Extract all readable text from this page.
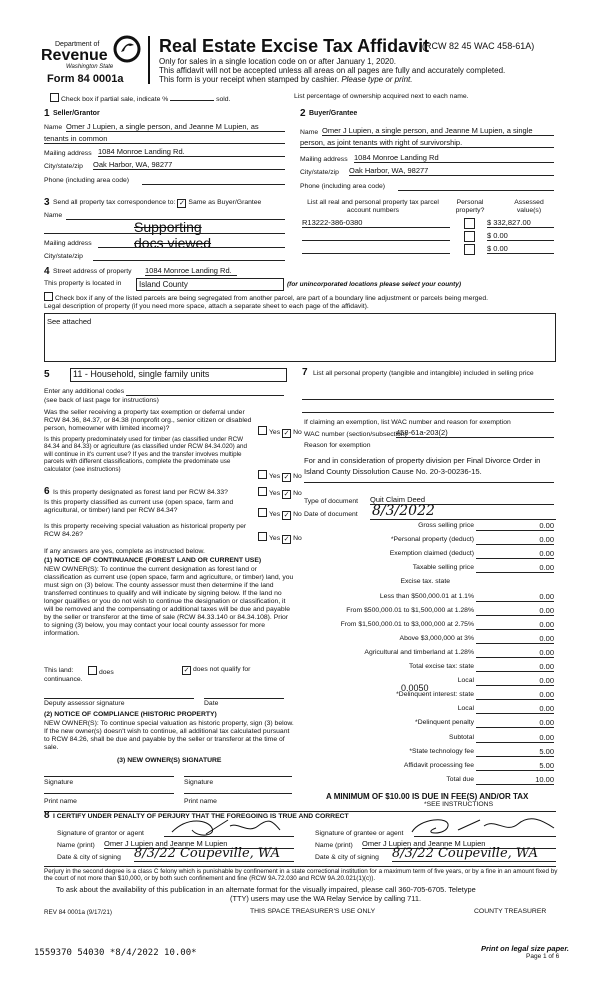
Department of
Revenue
Washington State
Form 84 0001a
Real Estate Excise Tax Affidavit
(RCW 82 45 WAC 458-61A)
Only for sales in a single location code on or after January 1, 2020.
This affidavit will not be accepted unless all areas on all pages are fully and accurately completed.
This form is your receipt when stamped by cashier. Please type or print.
Check box if partial sale, indicate %	sold.	List percentage of ownership acquired next to each name.
1 Seller/Grantor
Name Omer J Lupien, a single person, and Jeanne M Lupien, as
tenants in common
Mailing address 1084 Monroe Landing Rd.
City/state/zip Oak Harbor, WA, 98277
Phone (including area code)
2 Buyer/Grantee
Name Omer J Lupien, a single person, and Jeanne M Lupien, a single
person, as joint tenants with right of survivorship.
Mailing address 1084 Monroe Landing Rd
City/state/zip Oak Harbor, WA, 98277
Phone (including area code)
3 Send all property tax correspondence to: ✓ Same as Buyer/Grantee
Name
Supporting
docs viewed
Mailing address
City/state/zip
List all real and personal property tax parcel account numbers
Personal property?
Assessed value(s)
R13222-386-0380	$ 332,827.00
$ 0.00
$ 0.00
4 Street address of property 1084 Monroe Landing Rd.
This property is located in	Island County	(for unincorporated locations please select your county)
Check box if any of the listed parcels are being segregated from another parcel, are part of a boundary line adjustment or parcels being merged.
Legal description of property (if you need more space, attach a separate sheet to each page of the affidavit).
See attached
5	11 - Household, single family units
Enter any additional codes
(see back of last page for instructions)
Was the seller receiving a property tax exemption or deferral under RCW 84.36, 84.37, or 84.38 (nonprofit org., senior citizen or disabled person, homeowner with limited income)?
Yes ✓ No
Is this property predominately used for timber (as classified under RCW 84.34 and 84.33) or agriculture (as classified under RCW 84.34.020) and will continue in it's current use? If yes and the transfer involves multiple parcels with different classifications, complete the predominate use calculator (see instructions)
Yes ✓ No
6 Is this property designated as forest land per RCW 84.33?	Yes ✓ No
Is this property classified as current use (open space, farm and agricultural, or timber) land per RCW 84.34?
Yes ✓ No
Is this property receiving special valuation as historical property per RCW 84.26?
Yes ✓ No
If any answers are yes, complete as instructed below.
(1) NOTICE OF CONTINUANCE (FOREST LAND OR CURRENT USE)
NEW OWNER(S): To continue the current designation as forest land or classification as current use (open space, farm and agriculture, or timber) land, you must sign on (3) below. The county assessor must then determine if the land transferred continues to qualify and will indicate by signing below. If the land no longer qualifies or you do not wish to continue the designation or classification, it will be removed and the compensating or additional taxes will be due and payable by the seller or transferor at the time of sale (RCW 84.33.140 or 84.34.108). Prior to signing (3) below, you may contact your local county assessor for more information.
This land:
continuance.
does	✓ does not qualify for
Deputy assessor signature	Date
(2) NOTICE OF COMPLIANCE (HISTORIC PROPERTY)
NEW OWNER(S): To continue special valuation as historic property, sign (3) below. If the new owner(s) doesn't wish to continue, all additional tax calculated pursuant to RCW 84.26, shall be due and payable by the seller or transferor at the time of sale.
(3) NEW OWNER(S) SIGNATURE
Signature	Signature
Print name	Print name
7 List all personal property (tangible and intangible) included in selling price
If claiming an exemption, list WAC number and reason for exemption
WAC number (section/subsection)
458-61a-203(2)
Reason for exemption
For and in consideration of property division per Final Divorce Order in Island County Dissolution Cause No. 20-3-00236-15.
Type of document Quit Claim Deed
Date of document 8/3/2022
Gross selling price	0.00
*Personal property (deduct)	0.00
Exemption claimed (deduct)	0.00
Taxable selling price	0.00
Excise tax. state
Less than $500,000.01 at 1.1%	0.00
From $500,000.01 to $1,500,000 at 1.28%	0.00
From $1,500,000.01 to $3,000,000 at 2.75%	0.00
Above $3,000,000 at 3%	0.00
Agricultural and timberland at 1.28%	0.00
Total excise tax: state	0.00
Local	0.00
*Delinquent interest: state	0.00
Local	0.00
*Delinquent penalty	0.00
Subtotal	0.00
*State technology fee	5.00
Affidavit processing fee	5.00
Total due	10.00
0.0050
A MINIMUM OF $10.00 IS DUE IN FEE(S) AND/OR TAX
*SEE INSTRUCTIONS
8 I CERTIFY UNDER PENALTY OF PERJURY THAT THE FOREGOING IS TRUE AND CORRECT
Signature of grantor or agent
Name (print) Omer J Lupien and Jeanne M Lupien
Date & city of signing 8/3/22 Coupeville, WA
Signature of grantee or agent
Name (print) Omer J Lupien and Jeanne M Lupien
Date & city of signing 8/3/22 Coupeville, WA
Perjury in the second degree is a class C felony which is punishable by confinement in a state correctional institution for a maximum term of five years, or by a fine in an amount fixed by the court of not more than $10,000, or by both such confinement and fine (RCW 9A.72.030 and RCW 9A.20.021(1)(c)).
To ask about the availability of this publication in an alternate format for the visually impaired, please call 360-705-6705. Teletype
(TTY) users may use the WA Relay Service by calling 711.
REV 84 0001a (9/17/21)	THIS SPACE TREASURER'S USE ONLY	COUNTY TREASURER
1559370 54030 *8/4/2022 10.00*	Print on legal size paper.
Page 1 of 6
